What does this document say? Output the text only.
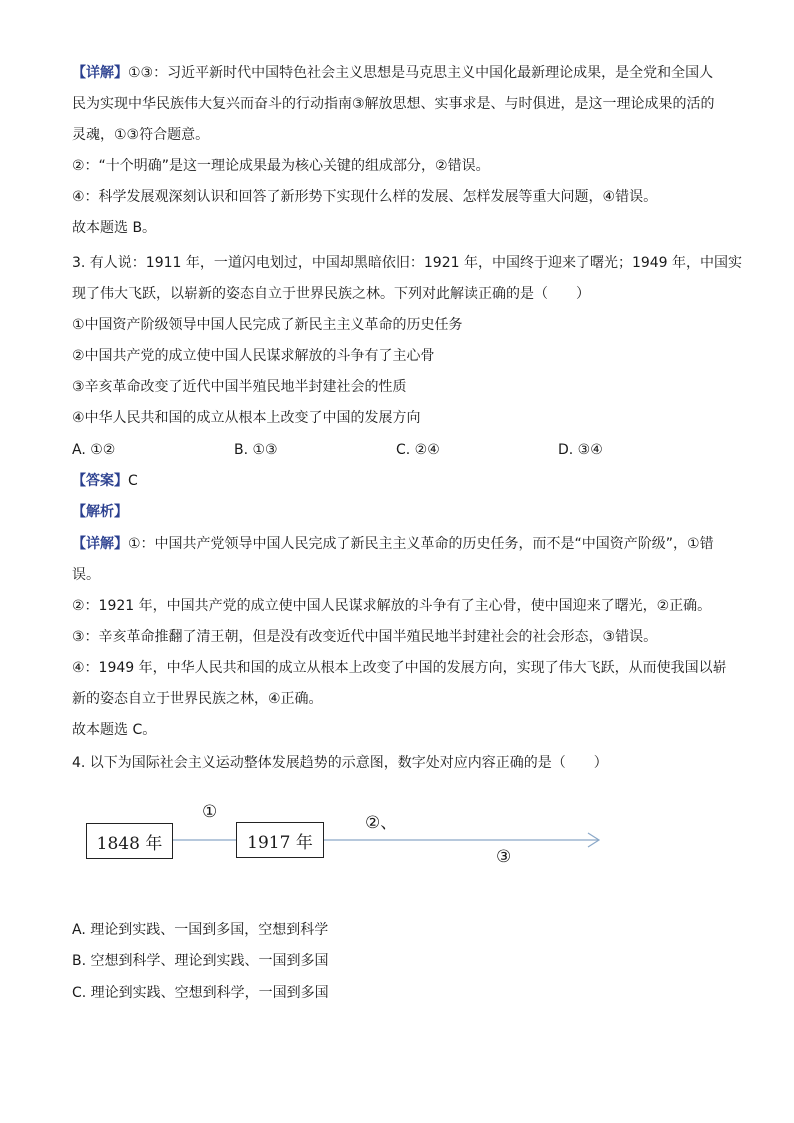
【详解】①③：习近平新时代中国特色社会主义思想是马克思主义中国化最新理论成果，是全党和全国人
民为实现中华民族伟大复兴而奋斗的行动指南③解放思想、实事求是、与时俱进，是这一理论成果的活的
灵魂，①③符合题意。
②：“十个明确”是这一理论成果最为核心关键的组成部分，②错误。
④：科学发展观深刻认识和回答了新形势下实现什么样的发展、怎样发展等重大问题，④错误。
故本题选 B。
3. 有人说：1911 年，一道闪电划过，中国却黑暗依旧：1921 年，中国终于迎来了曙光；1949 年，中国实
现了伟大飞跃，以崭新的姿态自立于世界民族之林。下列对此解读正确的是（　　）
①中国资产阶级领导中国人民完成了新民主主义革命的历史任务
②中国共产党的成立使中国人民谋求解放的斗争有了主心骨
③辛亥革命改变了近代中国半殖民地半封建社会的性质
④中华人民共和国的成立从根本上改变了中国的发展方向
A. ①②	B. ①③	C. ②④	D. ③④
【答案】C
【解析】
【详解】①：中国共产党领导中国人民完成了新民主主义革命的历史任务，而不是“中国资产阶级”，①错
误。
②：1921 年，中国共产党的成立使中国人民谋求解放的斗争有了主心骨，使中国迎来了曙光，②正确。
③：辛亥革命推翻了清王朝，但是没有改变近代中国半殖民地半封建社会的社会形态，③错误。
④：1949 年，中华人民共和国的成立从根本上改变了中国的发展方向，实现了伟大飞跃，从而使我国以崭
新的姿态自立于世界民族之林，④正确。
故本题选 C。
4. 以下为国际社会主义运动整体发展趋势的示意图，数字处对应内容正确的是（　　）
1848 年	1917 年
①
②、
③
A. 理论到实践、一国到多国，空想到科学
B. 空想到科学、理论到实践、一国到多国
C. 理论到实践、空想到科学，一国到多国
